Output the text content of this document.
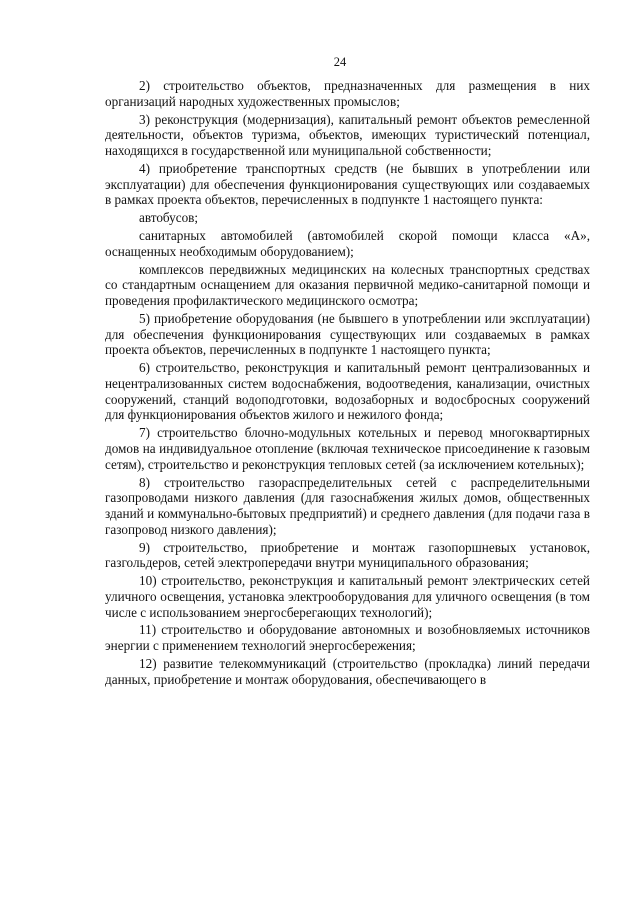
24

2) строительство объектов, предназначенных для размещения в них организаций народных художественных промыслов;

3) реконструкция (модернизация), капитальный ремонт объектов ремесленной деятельности, объектов туризма, объектов, имеющих туристический потенциал, находящихся в государственной или муниципальной собственности;

4) приобретение транспортных средств (не бывших в употреблении или эксплуатации) для обеспечения функционирования существующих или создаваемых в рамках проекта объектов, перечисленных в подпункте 1 настоящего пункта:

автобусов;

санитарных автомобилей (автомобилей скорой помощи класса «А», оснащенных необходимым оборудованием);

комплексов передвижных медицинских на колесных транспортных средствах со стандартным оснащением для оказания первичной медико-санитарной помощи и проведения профилактического медицинского осмотра;

5) приобретение оборудования (не бывшего в употреблении или эксплуатации) для обеспечения функционирования существующих или создаваемых в рамках проекта объектов, перечисленных в подпункте 1 настоящего пункта;

6) строительство, реконструкция и капитальный ремонт централизованных и нецентрализованных систем водоснабжения, водоотведения, канализации, очистных сооружений, станций водоподготовки, водозаборных и водосбросных сооружений для функционирования объектов жилого и нежилого фонда;

7) строительство блочно-модульных котельных и перевод многоквартирных домов на индивидуальное отопление (включая техническое присоединение к газовым сетям), строительство и реконструкция тепловых сетей (за исключением котельных);

8) строительство газораспределительных сетей с распределительными газопроводами низкого давления (для газоснабжения жилых домов, общественных зданий и коммунально-бытовых предприятий) и среднего давления (для подачи газа в газопровод низкого давления);

9) строительство, приобретение и монтаж газопоршневых установок, газгольдеров, сетей электропередачи внутри муниципального образования;

10) строительство, реконструкция и капитальный ремонт электрических сетей уличного освещения, установка электрооборудования для уличного освещения (в том числе с использованием энергосберегающих технологий);

11) строительство и оборудование автономных и возобновляемых источников энергии с применением технологий энергосбережения;

12) развитие телекоммуникаций (строительство (прокладка) линий передачи данных, приобретение и монтаж оборудования, обеспечивающего в
